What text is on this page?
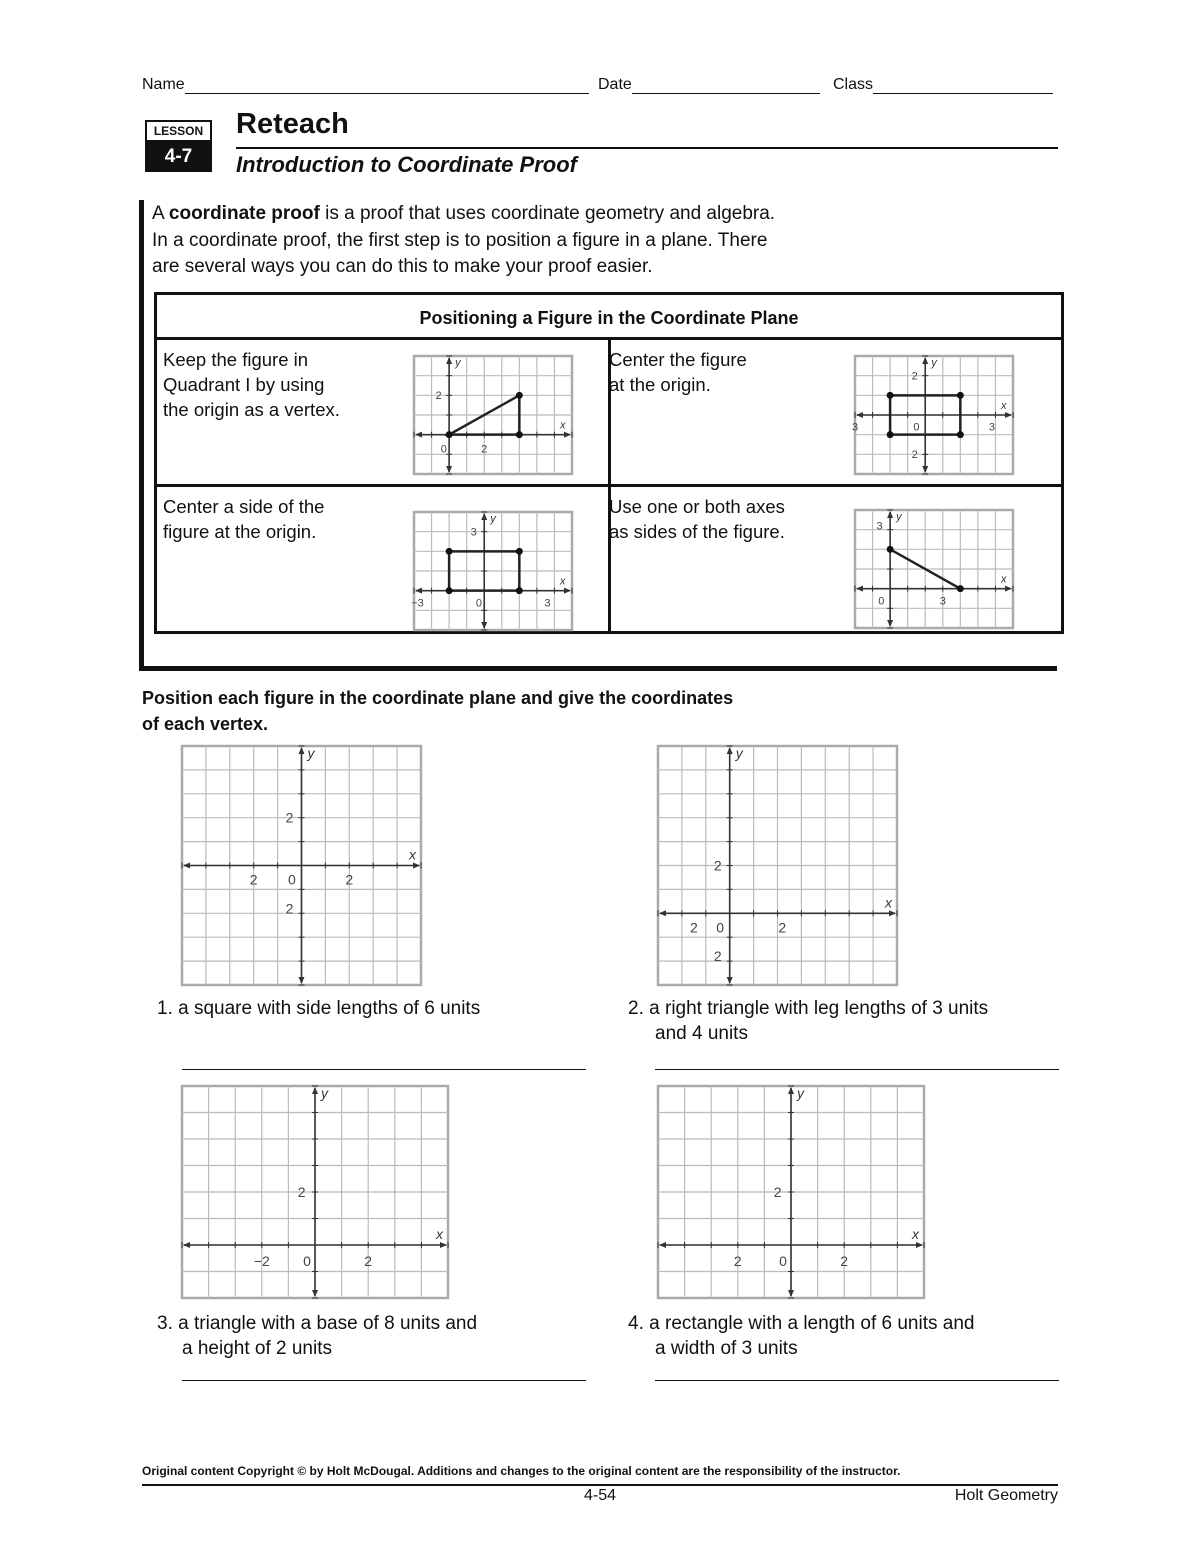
Name	Date	Class
LESSON
4-7
Reteach
Introduction to Coordinate Proof
A coordinate proof is a proof that uses coordinate geometry and algebra.
In a coordinate proof, the first step is to position a figure in a plane. There
are several ways you can do this to make your proof easier.
Positioning a Figure in the Coordinate Plane
Keep the figure in
Quadrant I by using
the origin as a vertex.
Center the figure
at the origin.
Center a side of the
figure at the origin.
Use one or both axes
as sides of the figure.
Position each figure in the coordinate plane and give the coordinates
of each vertex.
1. a square with side lengths of 6 units	2. a right triangle with leg lengths of 3 units
and 4 units
3. a triangle with a base of 8 units and
a height of 2 units
4. a rectangle with a length of 6 units and
a width of 3 units
Original content Copyright © by Holt McDougal. Additions and changes to the original content are the responsibility of the instructor.
4-54	Holt Geometry
x
y
2
0	2
x
y
2
3	0	3
2
x
y
3
−3	0	3
x
y
3
0	3
x
y
2
2 0	2
2	x
y
2
2 0	2
2
x
y
2
−2 0	2
x
y
2
2	0	2
